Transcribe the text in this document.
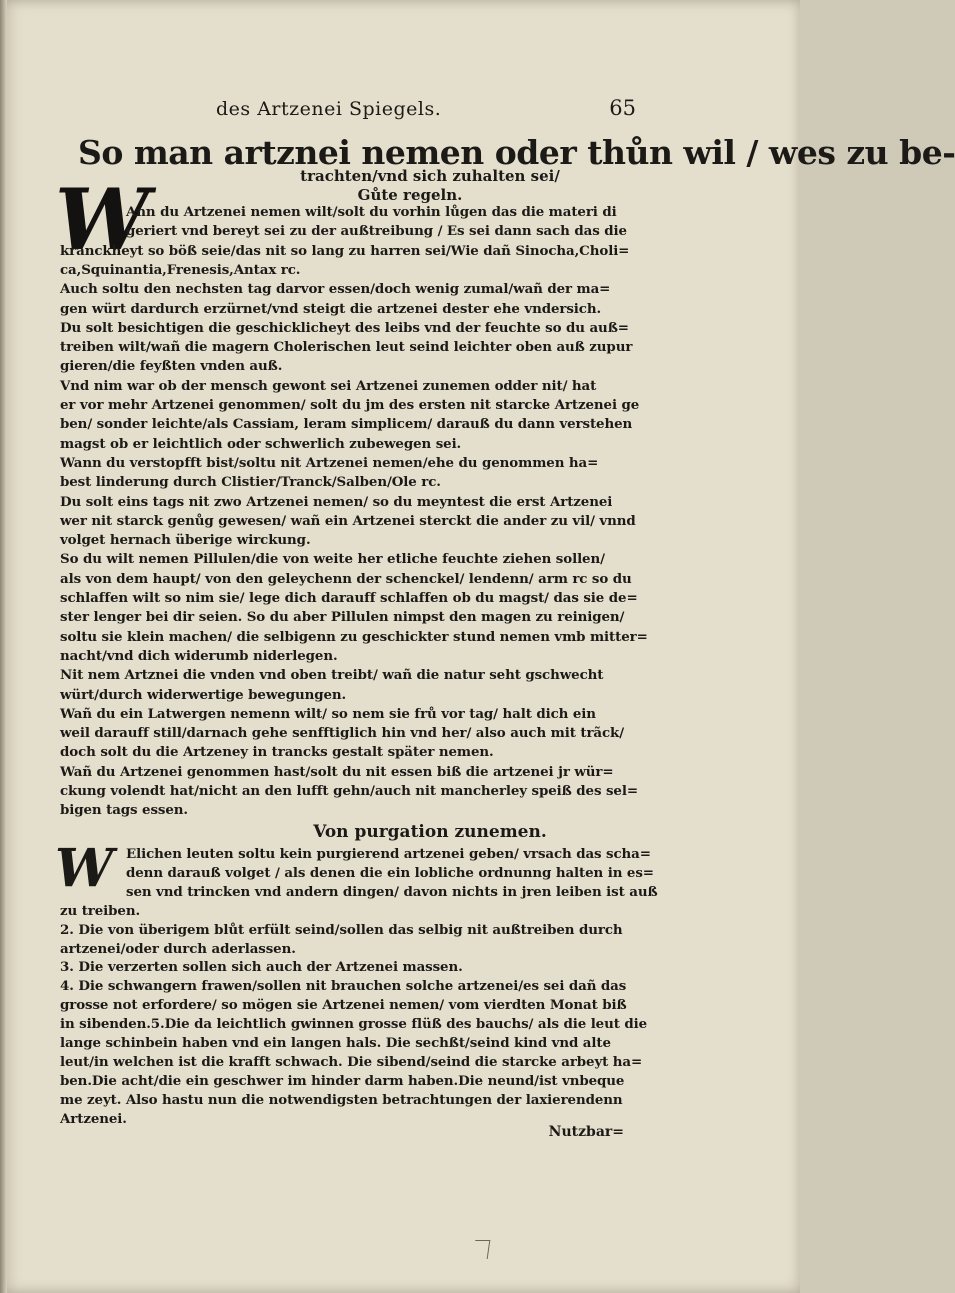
des Artzenei Spiegels.	65
So man artznei nemen oder thůn wil / wes zu be-
trachten/vnd sich zuhalten sei/
Gůte regeln.
W
Ann du Artzenei nemen wilt/solt du vorhin lůgen das die materi di
geriert vnd bereyt sei zu der außtreibung / Es sei dann sach das die
kranckheyt so böß seie/das nit so lang zu harren sei/Wie dañ Sinocha,Choli=
ca,Squinantia,Frenesis,Antax rc.
Auch soltu den nechsten tag darvor essen/doch wenig zumal/wañ der ma=
gen würt dardurch erzürnet/vnd steigt die artzenei dester ehe vndersich.
Du solt besichtigen die geschicklicheyt des leibs vnd der feuchte so du auß=
treiben wilt/wañ die magern Cholerischen leut seind leichter oben auß zupur
gieren/die feyßten vnden auß.
Vnd nim war ob der mensch gewont sei Artzenei zunemen odder nit/ hat
er vor mehr Artzenei genommen/ solt du jm des ersten nit starcke Artzenei ge
ben/ sonder leichte/als Cassiam, leram simplicem/ darauß du dann verstehen
magst ob er leichtlich oder schwerlich zubewegen sei.
Wann du verstopfft bist/soltu nit Artzenei nemen/ehe du genommen ha=
best linderung durch Clistier/Tranck/Salben/Ole rc.
Du solt eins tags nit zwo Artzenei nemen/ so du meyntest die erst Artzenei
wer nit starck genůg gewesen/ wañ ein Artzenei sterckt die ander zu vil/ vnnd
volget hernach überige wirckung.
So du wilt nemen Pillulen/die von weite her etliche feuchte ziehen sollen/
als von dem haupt/ von den geleychenn der schenckel/ lendenn/ arm rc so du
schlaffen wilt so nim sie/ lege dich darauff schlaffen ob du magst/ das sie de=
ster lenger bei dir seien. So du aber Pillulen nimpst den magen zu reinigen/
soltu sie klein machen/ die selbigenn zu geschickter stund nemen vmb mitter=
nacht/vnd dich widerumb niderlegen.
Nit nem Artznei die vnden vnd oben treibt/ wañ die natur seht gschwecht
würt/durch widerwertige bewegungen.
Wañ du ein Latwergen nemenn wilt/ so nem sie frů vor tag/ halt dich ein
weil darauff still/darnach gehe senfftiglich hin vnd her/ also auch mit trãck/
doch solt du die Artzeney in trancks gestalt später nemen.
Wañ du Artzenei genommen hast/solt du nit essen biß die artzenei jr wür=
ckung volendt hat/nicht an den lufft gehn/auch nit mancherley speiß des sel=
bigen tags essen.
Von purgation zunemen.
W Elichen leuten soltu kein purgierend artzenei geben/ vrsach das scha=
denn darauß volget / als denen die ein lobliche ordnunng halten in es=
sen vnd trincken vnd andern dingen/ davon nichts in jren leiben ist auß
zu treiben.
2. Die von überigem blůt erfült seind/sollen das selbig nit außtreiben durch
artzenei/oder durch aderlassen.
3. Die verzerten sollen sich auch der Artzenei massen.
4. Die schwangern frawen/sollen nit brauchen solche artzenei/es sei dañ das
grosse not erfordere/ so mögen sie Artzenei nemen/ vom vierdten Monat biß
in sibenden.5.Die da leichtlich gwinnen grosse flüß des bauchs/ als die leut die
lange schinbein haben vnd ein langen hals. Die sechßt/seind kind vnd alte
leut/in welchen ist die krafft schwach. Die sibend/seind die starcke arbeyt ha=
ben.Die acht/die ein geschwer im hinder darm haben.Die neund/ist vnbeque
me zeyt. Also hastu nun die notwendigsten betrachtungen der laxierendenn
Artzenei.
Nutzbar=
